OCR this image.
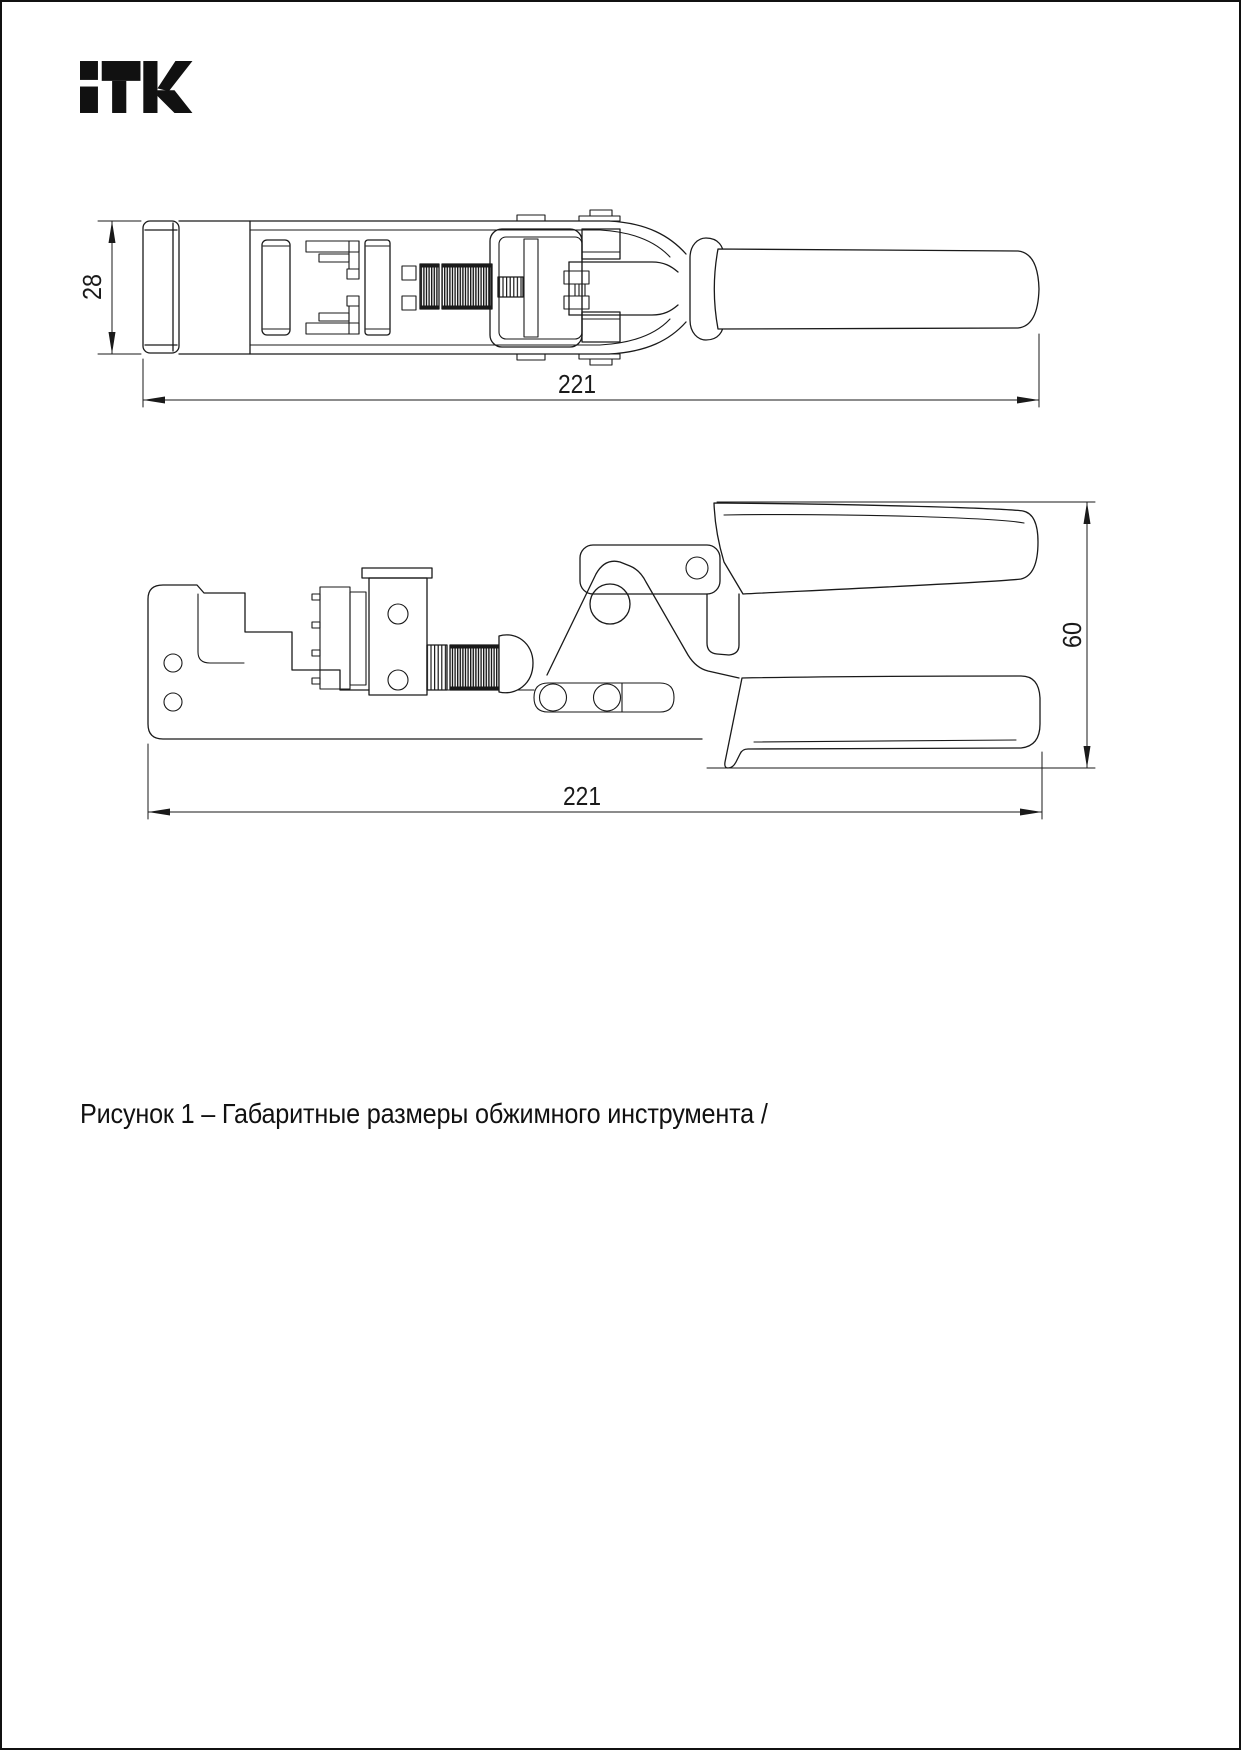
28
221
221
60
Рисунок 1 – Габаритные размеры обжимного инструмента /
